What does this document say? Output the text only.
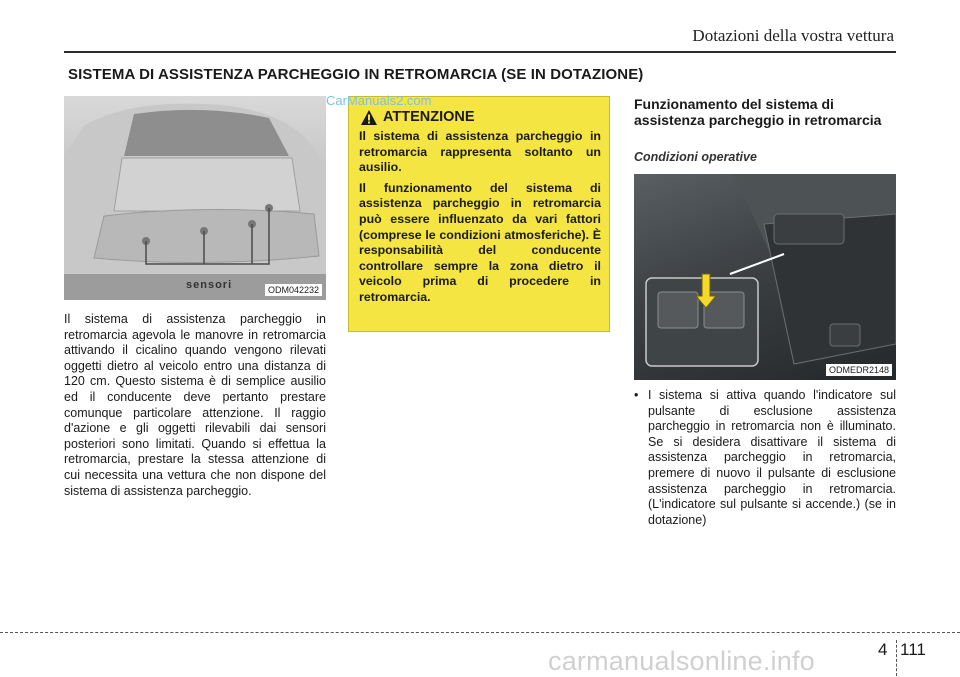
Dotazioni della vostra vettura
SISTEMA DI ASSISTENZA PARCHEGGIO IN RETROMARCIA (SE IN DOTAZIONE)
sensori	ODM042232
Il sistema di assistenza parcheggio in retromarcia agevola le manovre in retromarcia attivando il cicalino quando vengono rilevati oggetti dietro al veicolo entro una distanza di 120 cm. Questo sistema è di semplice ausilio ed il conducente deve pertanto prestare comunque particolare attenzione. Il raggio d'azione e gli oggetti rilevabili dai sensori posteriori sono limitati. Quando si effettua la retromarcia, prestare la stessa attenzione di cui necessita una vettura che non dispone del sistema di assistenza parcheggio.
ATTENZIONE

Il sistema di assistenza parcheggio in retromarcia rappresenta soltanto un ausilio.

Il funzionamento del sistema di assistenza parcheggio in retromarcia può essere influenzato da vari fattori (comprese le condizioni atmosferiche). È responsabilità del conducente controllare sempre la zona dietro il veicolo prima di procedere in retromarcia.

CarManuals2.com	Funzionamento del sistema di assistenza parcheggio in retromarcia
Condizioni operative
ODMEDR2148
• I sistema si attiva quando l'indicatore sul pulsante di esclusione assistenza parcheggio in retromarcia non è illuminato. Se si desidera disattivare il sistema di assistenza parcheggio in retromarcia, premere di nuovo il pulsante di esclusione assistenza parcheggio in retromarcia. (L'indicatore sul pulsante si accende.) (se in dotazione)
carmanualsonline.info	4 111
